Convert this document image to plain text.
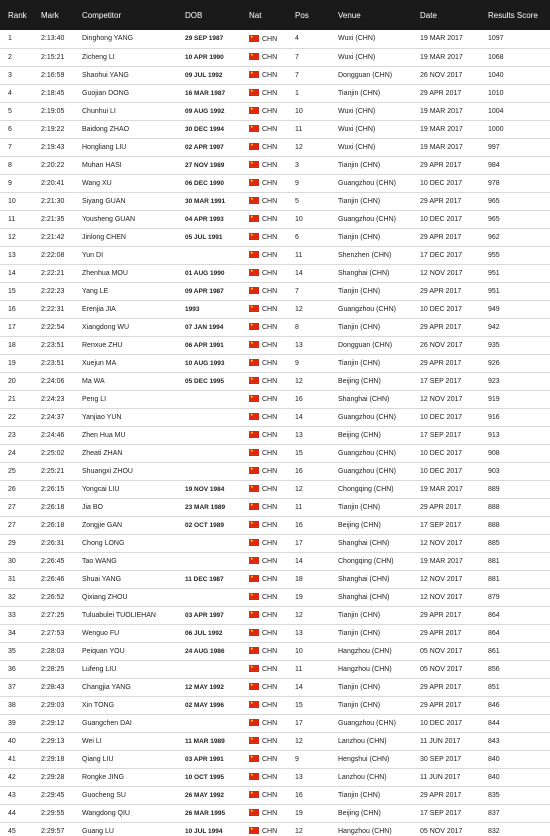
Rank	Mark	Competitor	DOB	Nat	Pos	Venue	Date	Results Score
1	2:13:40	Dinghong YANG	29 SEP 1987	★CHN	4	Wuxi (CHN)	19 MAR 2017	1097
2	2:15:21	Zicheng LI	10 APR 1990	★CHN	7	Wuxi (CHN)	19 MAR 2017	1068
3	2:16:59	Shaohui YANG	09 JUL 1992	★CHN	7	Dongguan (CHN)	26 NOV 2017	1040
4	2:18:45	Guojian DONG	16 MAR 1987	★CHN	1	Tianjin (CHN)	29 APR 2017	1010
5	2:19:05	Chunhui LI	09 AUG 1992	★CHN	10	Wuxi (CHN)	19 MAR 2017	1004
6	2:19:22	Baidong ZHAO	30 DEC 1994	★CHN	11	Wuxi (CHN)	19 MAR 2017	1000
7	2:19:43	Hongliang LIU	02 APR 1997	★CHN	12	Wuxi (CHN)	19 MAR 2017	997
8	2:20:22	Muhan HASI	27 NOV 1989	★CHN	3	Tianjin (CHN)	29 APR 2017	984
9	2:20:41	Wang XU	06 DEC 1990	★CHN	9	Guangzhou (CHN)	10 DEC 2017	978
10	2:21:30	Siyang GUAN	30 MAR 1991	★CHN	5	Tianjin (CHN)	29 APR 2017	965
11	2:21:35	Yousheng GUAN	04 APR 1993	★CHN	10	Guangzhou (CHN)	10 DEC 2017	965
12	2:21:42	Jinlong CHEN	05 JUL 1991	★CHN	6	Tianjin (CHN)	29 APR 2017	962
13	2:22:08	Yun DI		★CHN	11	Shenzhen (CHN)	17 DEC 2017	955
14	2:22:21	Zhenhua MOU	01 AUG 1990	★CHN	14	Shanghai (CHN)	12 NOV 2017	951
15	2:22:23	Yang LE	09 APR 1987	★CHN	7	Tianjin (CHN)	29 APR 2017	951
16	2:22:31	Erenjia JIA	1993	★CHN	12	Guangzhou (CHN)	10 DEC 2017	949
17	2:22:54	Xiangdong WU	07 JAN 1994	★CHN	8	Tianjin (CHN)	29 APR 2017	942
18	2:23:51	Renxue ZHU	06 APR 1991	★CHN	13	Dongguan (CHN)	26 NOV 2017	935
19	2:23:51	Xuejun MA	10 AUG 1993	★CHN	9	Tianjin (CHN)	29 APR 2017	926
20	2:24:06	Ma WA	05 DEC 1995	★CHN	12	Beijing (CHN)	17 SEP 2017	923
21	2:24:23	Peng LI		★CHN	16	Shanghai (CHN)	12 NOV 2017	919
22	2:24:37	Yanjiao YUN		★CHN	14	Guangzhou (CHN)	10 DEC 2017	916
23	2:24:46	Zhen Hua MU		★CHN	13	Beijing (CHN)	17 SEP 2017	913
24	2:25:02	Zheati ZHAN		★CHN	15	Guangzhou (CHN)	10 DEC 2017	908
25	2:25:21	Shuangxi ZHOU		★CHN	16	Guangzhou (CHN)	10 DEC 2017	903
26	2:26:15	Yongcai LIU	19 NOV 1984	★CHN	12	Chongqing (CHN)	19 MAR 2017	889
27	2:26:18	Jia BO	23 MAR 1989	★CHN	11	Tianjin (CHN)	29 APR 2017	888
27	2:26:18	Zongjie GAN	02 OCT 1989	★CHN	16	Beijing (CHN)	17 SEP 2017	888
29	2:26:31	Chong LONG		★CHN	17	Shanghai (CHN)	12 NOV 2017	885
30	2:26:45	Tao WANG		★CHN	14	Chongqing (CHN)	19 MAR 2017	881
31	2:26:46	Shuai YANG	11 DEC 1987	★CHN	18	Shanghai (CHN)	12 NOV 2017	881
32	2:26:52	Qixiang ZHOU		★CHN	19	Shanghai (CHN)	12 NOV 2017	879
33	2:27:25	Tuluabulei TUOLIEHAN	03 APR 1997	★CHN	12	Tianjin (CHN)	29 APR 2017	864
34	2:27:53	Wenguo FU	06 JUL 1992	★CHN	13	Tianjin (CHN)	29 APR 2017	864
35	2:28:03	Peiquan YOU	24 AUG 1986	★CHN	10	Hangzhou (CHN)	05 NOV 2017	861
36	2:28:25	Lufeng LIU		★CHN	11	Hangzhou (CHN)	05 NOV 2017	856
37	2:28:43	Changjia YANG	12 MAY 1992	★CHN	14	Tianjin (CHN)	29 APR 2017	851
38	2:29:03	Xin TONG	02 MAY 1996	★CHN	15	Tianjin (CHN)	29 APR 2017	846
39	2:29:12	Guangchen DAI		★CHN	17	Guangzhou (CHN)	10 DEC 2017	844
40	2:29:13	Wei LI	11 MAR 1989	★CHN	12	Lanzhou (CHN)	11 JUN 2017	843
41	2:29:18	Qiang LIU	03 APR 1991	★CHN	9	Hengshui (CHN)	30 SEP 2017	840
42	2:29:28	Rongke JING	10 OCT 1995	★CHN	13	Lanzhou (CHN)	11 JUN 2017	840
43	2:29:45	Guocheng SU	26 MAY 1992	★CHN	16	Tianjin (CHN)	29 APR 2017	835
44	2:29:55	Wangdong QIU	26 MAR 1995	★CHN	19	Beijing (CHN)	17 SEP 2017	837
45	2:29:57	Guang LU	10 JUL 1994	★CHN	12	Hangzhou (CHN)	05 NOV 2017	832
